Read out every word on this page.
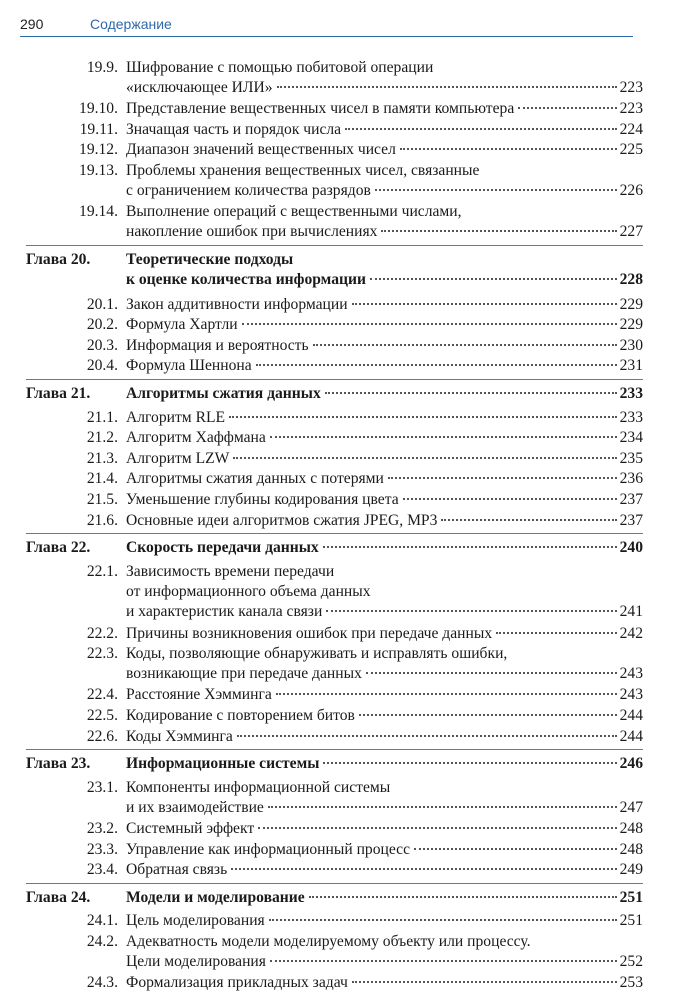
290	Содержание
19.9. Шифрование с помощью побитовой операции
«исключающее ИЛИ»	223
19.10. Представление вещественных чисел в памяти компьютера	223
19.11. Значащая часть и порядок числа	224
19.12. Диапазон значений вещественных чисел	225
19.13. Проблемы хранения вещественных чисел, связанные
с ограничением количества разрядов	226
19.14. Выполнение операций с вещественными числами,
накопление ошибок при вычислениях	227
Глава 20.	Теоретические подходы
к оценке количества информации	228
20.1. Закон аддитивности информации	229
20.2. Формула Хартли	229
20.3. Информация и вероятность	230
20.4. Формула Шеннона	231
Глава 21.	Алгоритмы сжатия данных	233
21.1. Алгоритм RLE	233
21.2. Алгоритм Хаффмана	234
21.3. Алгоритм LZW	235
21.4. Алгоритмы сжатия данных с потерями	236
21.5. Уменьшение глубины кодирования цвета	237
21.6. Основные идеи алгоритмов сжатия JPEG, MP3	237
Глава 22.	Скорость передачи данных	240
22.1. Зависимость времени передачи
от информационного объема данных
и характеристик канала связи	241
22.2. Причины возникновения ошибок при передаче данных	242
22.3. Коды, позволяющие обнаруживать и исправлять ошибки,
возникающие при передаче данных	243
22.4. Расстояние Хэмминга	243
22.5. Кодирование с повторением битов	244
22.6. Коды Хэмминга	244
Глава 23.	Информационные системы	246
23.1. Компоненты информационной системы
и их взаимодействие	247
23.2. Системный эффект	248
23.3. Управление как информационный процесс	248
23.4. Обратная связь	249
Глава 24.	Модели и моделирование	251
24.1. Цель моделирования	251
24.2. Адекватность модели моделируемому объекту или процессу.
Цели моделирования	252
24.3. Формализация прикладных задач	253
